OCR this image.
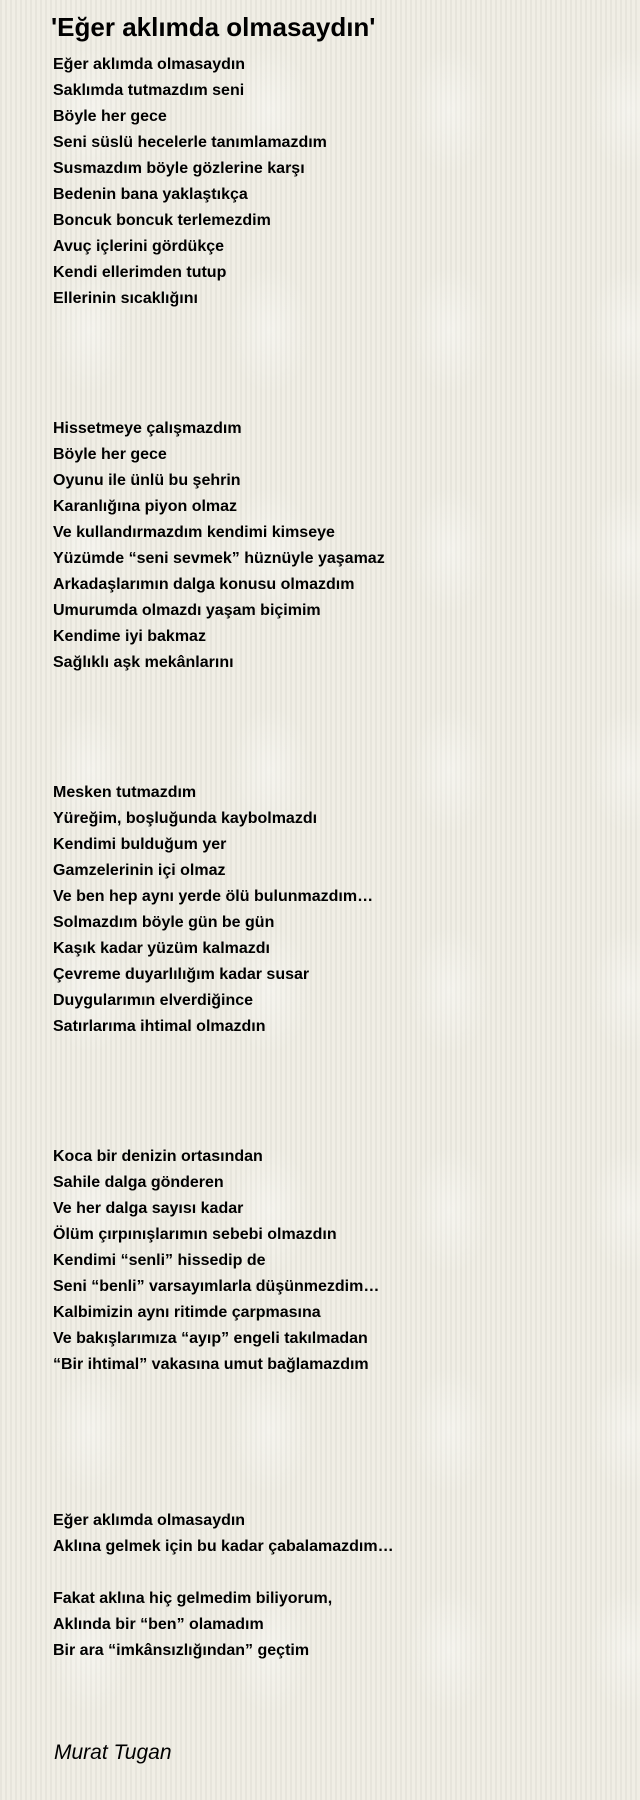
'Eğer aklımda olmasaydın'

Eğer aklımda olmasaydın
Saklımda tutmazdım seni
Böyle her gece
Seni süslü hecelerle tanımlamazdım
Susmazdım böyle gözlerine karşı
Bedenin bana yaklaştıkça
Boncuk boncuk terlemezdim
Avuç içlerini gördükçe
Kendi ellerimden tutup
Ellerinin sıcaklığını

Hissetmeye çalışmazdım
Böyle her gece
Oyunu ile ünlü bu şehrin
Karanlığına piyon olmaz
Ve kullandırmazdım kendimi kimseye
Yüzümde “seni sevmek” hüznüyle yaşamaz
Arkadaşlarımın dalga konusu olmazdım
Umurumda olmazdı yaşam biçimim
Kendime iyi bakmaz
Sağlıklı aşk mekânlarını

Mesken tutmazdım
Yüreğim, boşluğunda kaybolmazdı
Kendimi bulduğum yer
Gamzelerinin içi olmaz
Ve ben hep aynı yerde ölü bulunmazdım…
Solmazdım böyle gün be gün
Kaşık kadar yüzüm kalmazdı
Çevreme duyarlılığım kadar susar
Duygularımın elverdiğince
Satırlarıma ihtimal olmazdın

Koca bir denizin ortasından
Sahile dalga gönderen
Ve her dalga sayısı kadar
Ölüm çırpınışlarımın sebebi olmazdın
Kendimi “senli” hissedip de
Seni “benli” varsayımlarla düşünmezdim…
Kalbimizin aynı ritimde çarpmasına
Ve bakışlarımıza “ayıp” engeli takılmadan
“Bir ihtimal” vakasına umut bağlamazdım

Eğer aklımda olmasaydın
Aklına gelmek için bu kadar çabalamazdım…

Fakat aklına hiç gelmedim biliyorum,
Aklında bir “ben” olamadım
Bir ara “imkânsızlığından” geçtim

Murat Tugan
